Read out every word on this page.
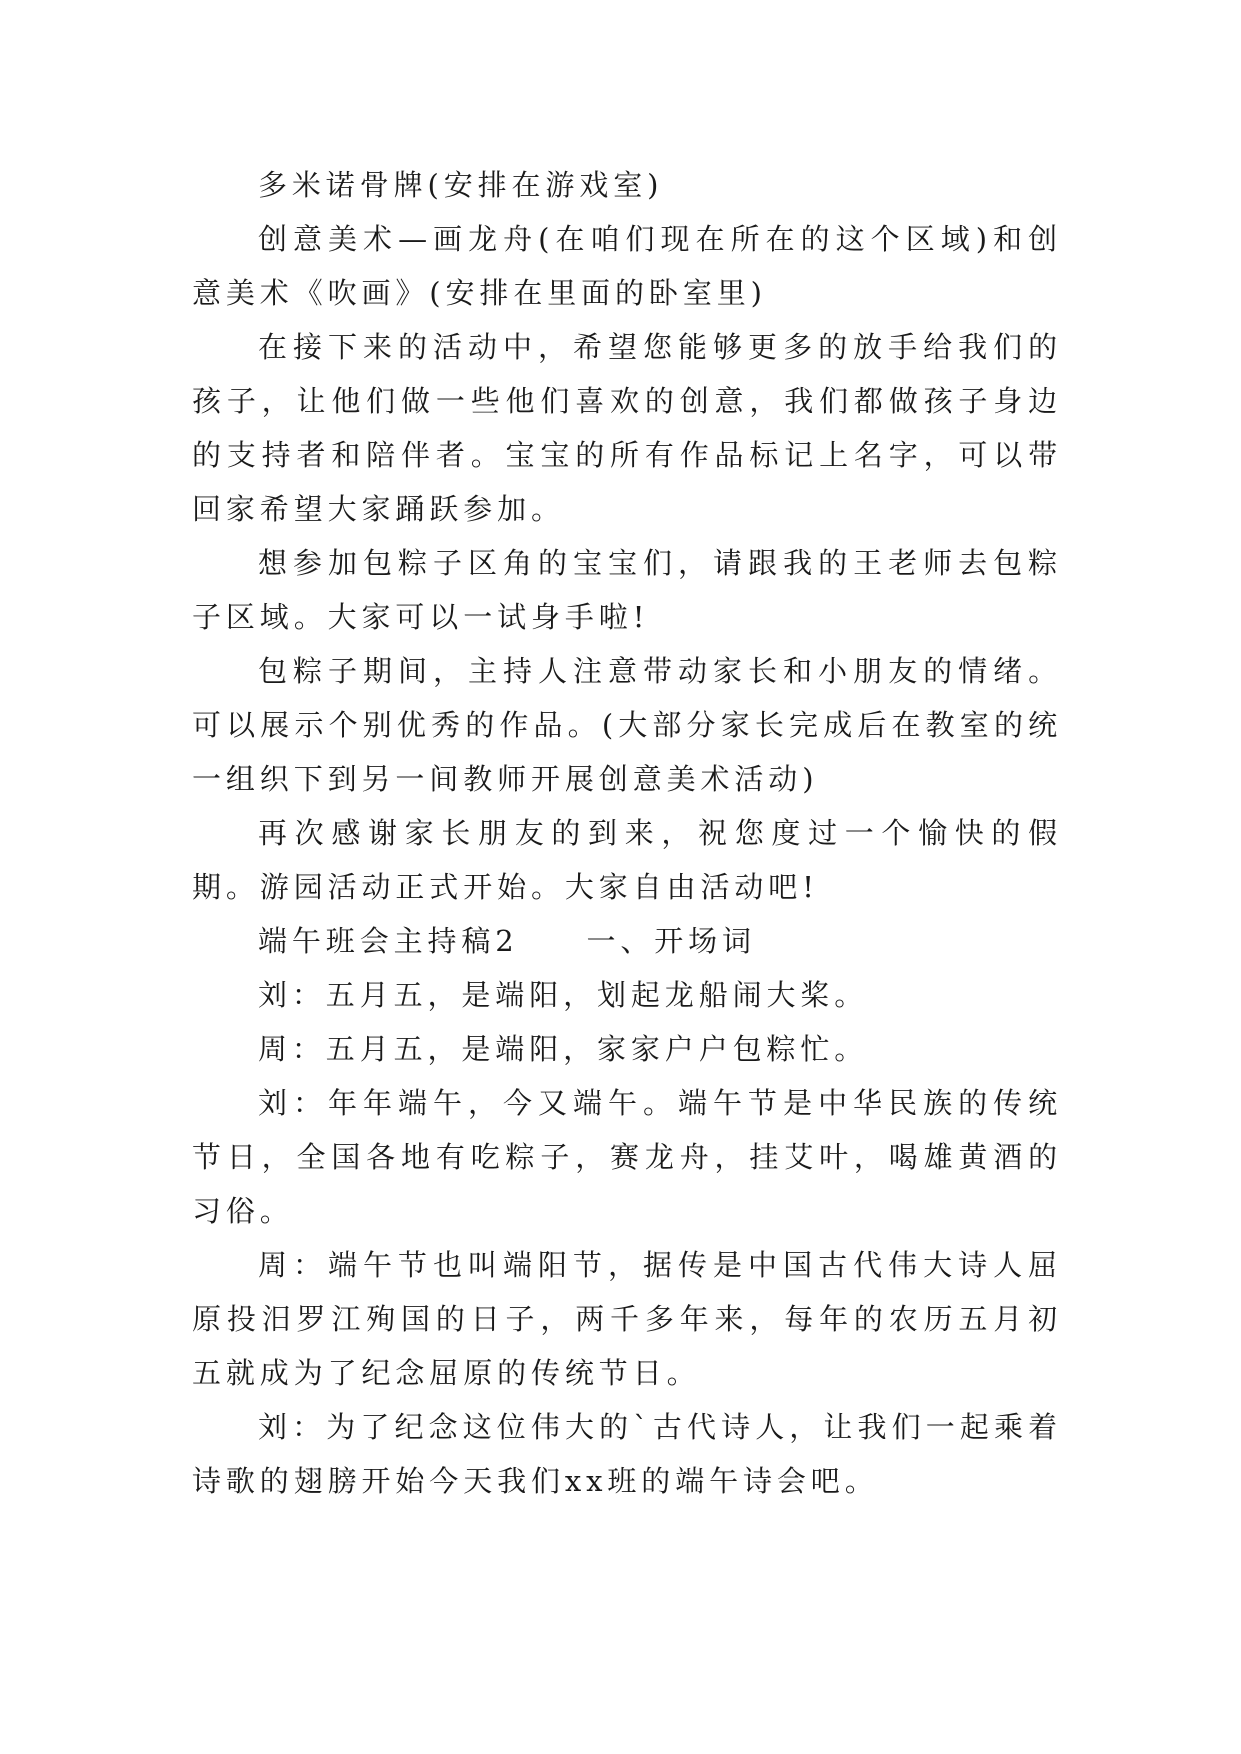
多米诺骨牌(安排在游戏室)

创意美术—画龙舟(在咱们现在所在的这个区域)和创意美术《吹画》(安排在里面的卧室里)

在接下来的活动中，希望您能够更多的放手给我们的孩子，让他们做一些他们喜欢的创意，我们都做孩子身边的支持者和陪伴者。宝宝的所有作品标记上名字，可以带回家希望大家踊跃参加。

想参加包粽子区角的宝宝们，请跟我的王老师去包粽子区域。大家可以一试身手啦!

包粽子期间，主持人注意带动家长和小朋友的情绪。可以展示个别优秀的作品。(大部分家长完成后在教室的统一组织下到另一间教师开展创意美术活动)

再次感谢家长朋友的到来，祝您度过一个愉快的假期。游园活动正式开始。大家自由活动吧!

端午班会主持稿2　　一、开场词

刘：五月五，是端阳，划起龙船闹大桨。

周：五月五，是端阳，家家户户包粽忙。

刘：年年端午，今又端午。端午节是中华民族的传统节日，全国各地有吃粽子，赛龙舟，挂艾叶，喝雄黄酒的习俗。

周：端午节也叫端阳节，据传是中国古代伟大诗人屈原投汨罗江殉国的日子，两千多年来，每年的农历五月初五就成为了纪念屈原的传统节日。

刘：为了纪念这位伟大的`古代诗人，让我们一起乘着诗歌的翅膀开始今天我们xx班的端午诗会吧。
